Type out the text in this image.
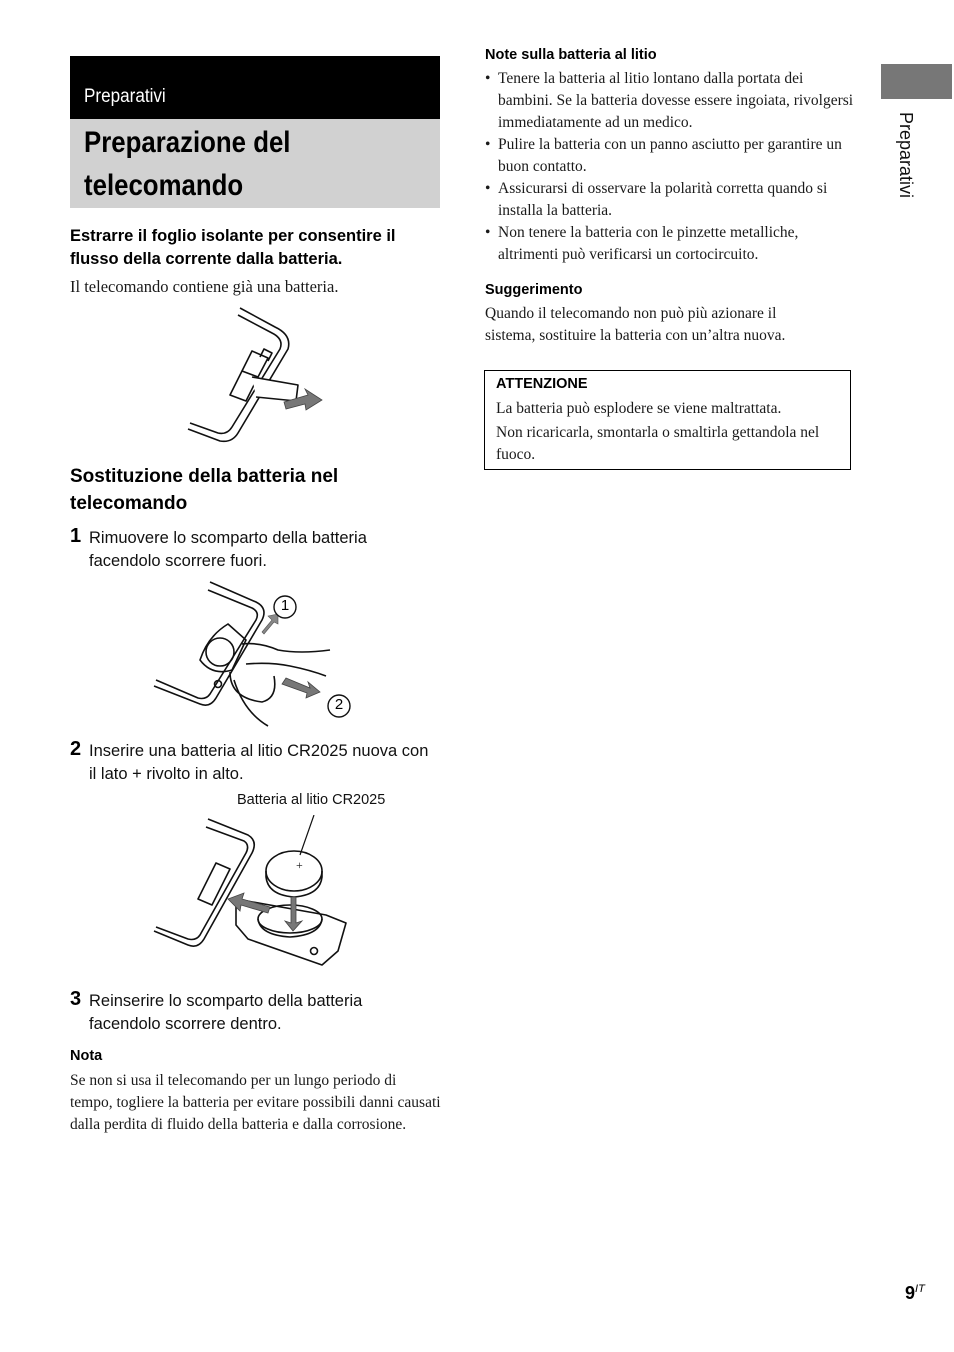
Preparativi
Preparazione del telecomando
Estrarre il foglio isolante per consentire il flusso della corrente dalla batteria.
Il telecomando contiene già una batteria.
Sostituzione della batteria nel telecomando
1 Rimuovere lo scomparto della batteria facendolo scorrere fuori.
1
2
2 Inserire una batteria al litio CR2025 nuova con il lato + rivolto in alto.
Batteria al litio CR2025
+
3 Reinserire lo scomparto della batteria facendolo scorrere dentro.
Nota
Se non si usa il telecomando per un lungo periodo di tempo, togliere la batteria per evitare possibili danni causati dalla perdita di fluido della batteria e dalla corrosione.
Note sulla batteria al litio
• Tenere la batteria al litio lontano dalla portata dei bambini. Se la batteria dovesse essere ingoiata, rivolgersi immediatamente ad un medico.
• Pulire la batteria con un panno asciutto per garantire un buon contatto.
• Assicurarsi di osservare la polarità corretta quando si installa la batteria.
• Non tenere la batteria con le pinzette metalliche, altrimenti può verificarsi un cortocircuito.
Suggerimento
Quando il telecomando non può più azionare il sistema, sostituire la batteria con un’altra nuova.
ATTENZIONE
La batteria può esplodere se viene maltrattata.
Non ricaricarla, smontarla o smaltirla gettandola nel fuoco.
Preparativi
$9^{IT}$
